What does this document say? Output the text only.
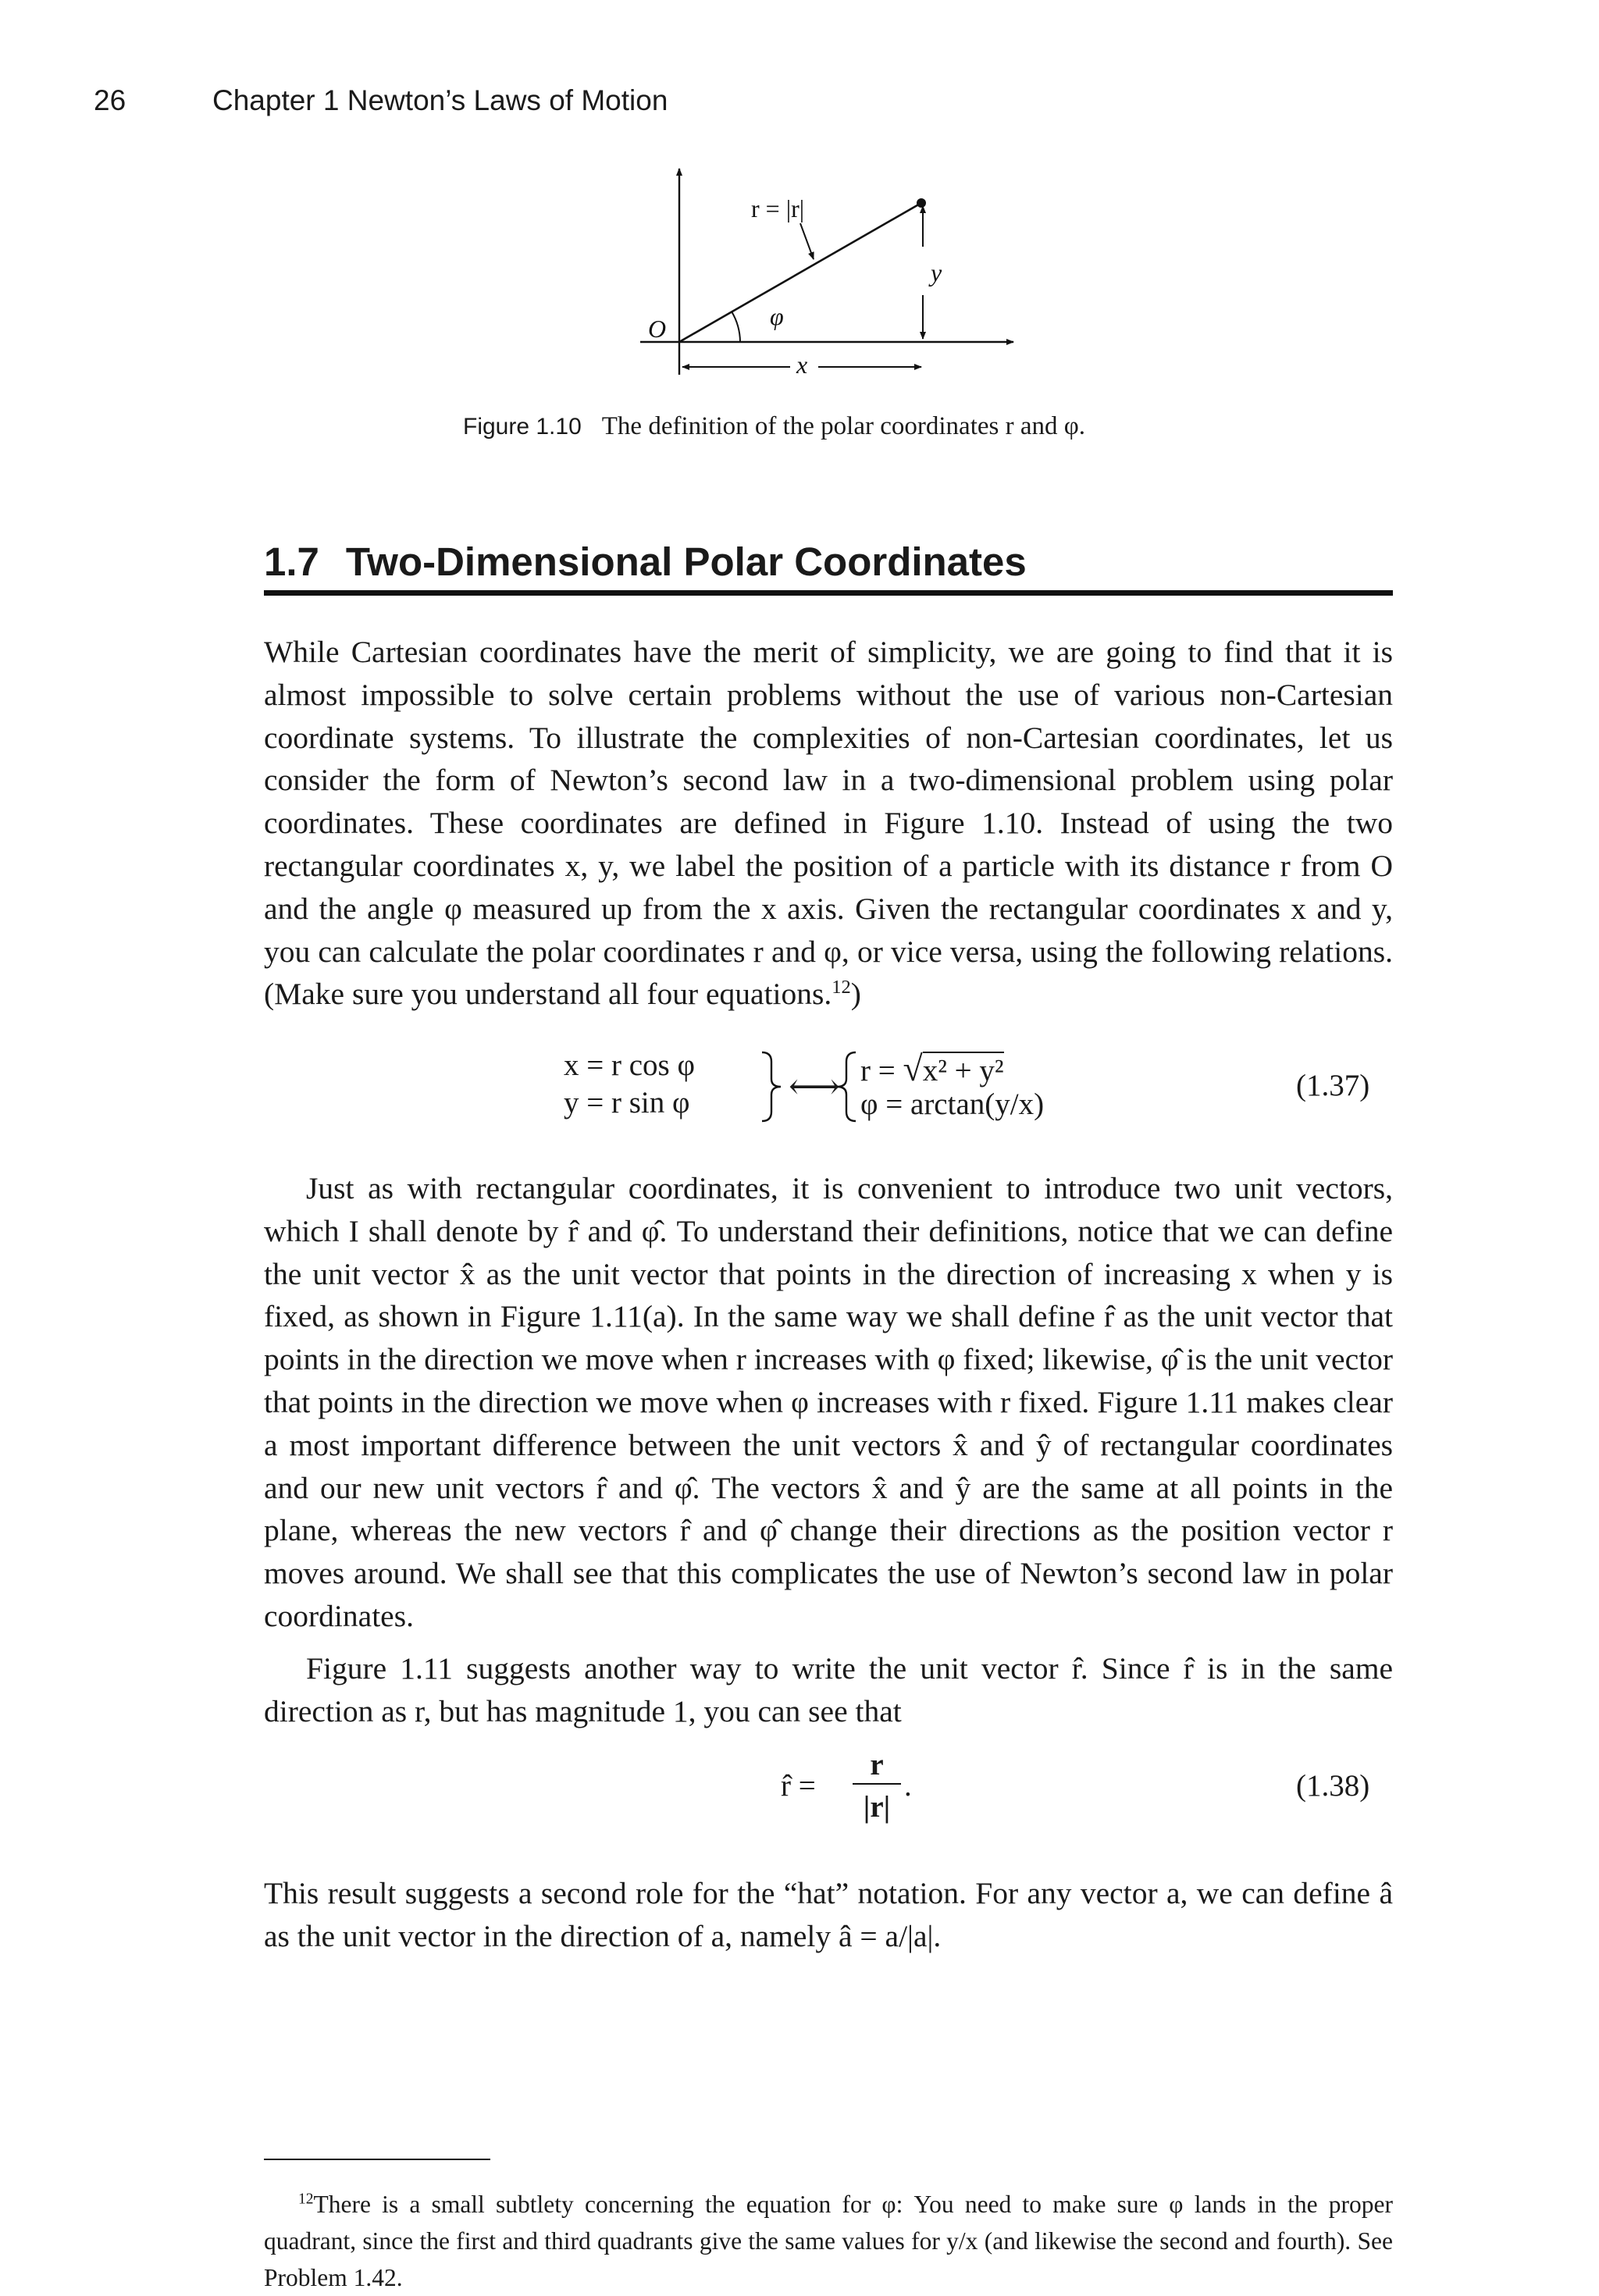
26	Chapter 1 Newton’s Laws of Motion
r = |r|
O	φ
y
x
Figure 1.10 The definition of the polar coordinates r and φ.
1.7 Two-Dimensional Polar Coordinates

While Cartesian coordinates have the merit of simplicity, we are going to find that it is almost impossible to solve certain problems without the use of various non-Cartesian coordinate systems. To illustrate the complexities of non-Cartesian coordinates, let us consider the form of Newton’s second law in a two-dimensional problem using polar coordinates. These coordinates are defined in Figure 1.10. Instead of using the two rectangular coordinates x, y, we label the position of a particle with its distance r from O and the angle φ measured up from the x axis. Given the rectangular coordinates x and y, you can calculate the polar coordinates r and φ, or vice versa, using the following relations. (Make sure you understand all four equations.$^{12}$)

x = r cos φ
y = r sin φ	⟷ r = √x² + y²
φ = arctan(y/x)
(1.37)

Just as with rectangular coordinates, it is convenient to introduce two unit vectors, which I shall denote by r̂ and φ̂. To understand their definitions, notice that we can define the unit vector x̂ as the unit vector that points in the direction of increasing x when y is fixed, as shown in Figure 1.11(a). In the same way we shall define r̂ as the unit vector that points in the direction we move when r increases with φ fixed; likewise, φ̂ is the unit vector that points in the direction we move when φ increases with r fixed. Figure 1.11 makes clear a most important difference between the unit vectors x̂ and ŷ of rectangular coordinates and our new unit vectors r̂ and φ̂. The vectors x̂ and ŷ are the same at all points in the plane, whereas the new vectors r̂ and φ̂ change their directions as the position vector r moves around. We shall see that this complicates the use of Newton’s second law in polar coordinates.

Figure 1.11 suggests another way to write the unit vector r̂. Since r̂ is in the same direction as r, but has magnitude 1, you can see that

r̂ =
r
|r|
.	(1.38)

This result suggests a second role for the “hat” notation. For any vector a, we can define â as the unit vector in the direction of a, namely â = a/|a|.

$^{12}$There is a small subtlety concerning the equation for φ: You need to make sure φ lands in the proper quadrant, since the first and third quadrants give the same values for y/x (and likewise the second and fourth). See Problem 1.42.
